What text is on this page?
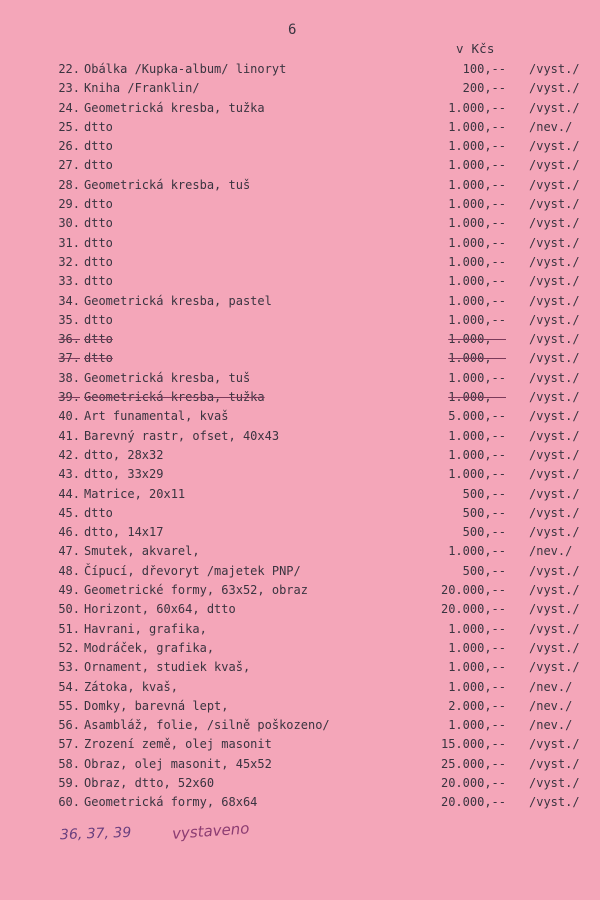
6
v Kčs
22. Obálka /Kupka-album/ linoryt	100,-- /vyst./
23. Kniha /Franklin/	200,-- /vyst./
24. Geometrická kresba, tužka	1.000,-- /vyst./
25. dtto	1.000,-- /nev./
26. dtto	1.000,-- /vyst./
27. dtto	1.000,-- /vyst./
28. Geometrická kresba, tuš	1.000,-- /vyst./
29. dtto	1.000,-- /vyst./
30. dtto	1.000,-- /vyst./
31. dtto	1.000,-- /vyst./
32. dtto	1.000,-- /vyst./
33. dtto	1.000,-- /vyst./
34. Geometrická kresba, pastel	1.000,-- /vyst./
35. dtto	1.000,-- /vyst./
36. dtto	1.000,-- /vyst./
37. dtto	1.000,-- /vyst./
38. Geometrická kresba, tuš	1.000,-- /vyst./
39. Geometrická kresba, tužka	1.000,-- /vyst./
40. Art funamental, kvaš	5.000,-- /vyst./
41. Barevný rastr, ofset, 40x43	1.000,-- /vyst./
42. dtto, 28x32	1.000,-- /vyst./
43. dtto, 33x29	1.000,-- /vyst./
44. Matrice, 20x11	500,-- /vyst./
45. dtto	500,-- /vyst./
46. dtto, 14x17	500,-- /vyst./
47. Smutek, akvarel,	1.000,-- /nev./
48. Čípucí, dřevoryt /majetek PNP/	500,-- /vyst./
49. Geometrické formy, 63x52, obraz	20.000,-- /vyst./
50. Horizont, 60x64, dtto	20.000,-- /vyst./
51. Havrani, grafika,	1.000,-- /vyst./
52. Modráček, grafika,	1.000,-- /vyst./
53. Ornament, studiek kvaš,	1.000,-- /vyst./
54. Zátoka, kvaš,	1.000,-- /nev./
55. Domky, barevná lept,	2.000,-- /nev./
56. Asambláž, folie, /silně poškozeno/	1.000,-- /nev./
57. Zrození země, olej masonit	15.000,-- /vyst./
58. Obraz, olej masonit, 45x52	25.000,-- /vyst./
59. Obraz, dtto, 52x60	20.000,-- /vyst./
60. Geometrická formy, 68x64	20.000,-- /vyst./
36, 37, 39	vystaveno
